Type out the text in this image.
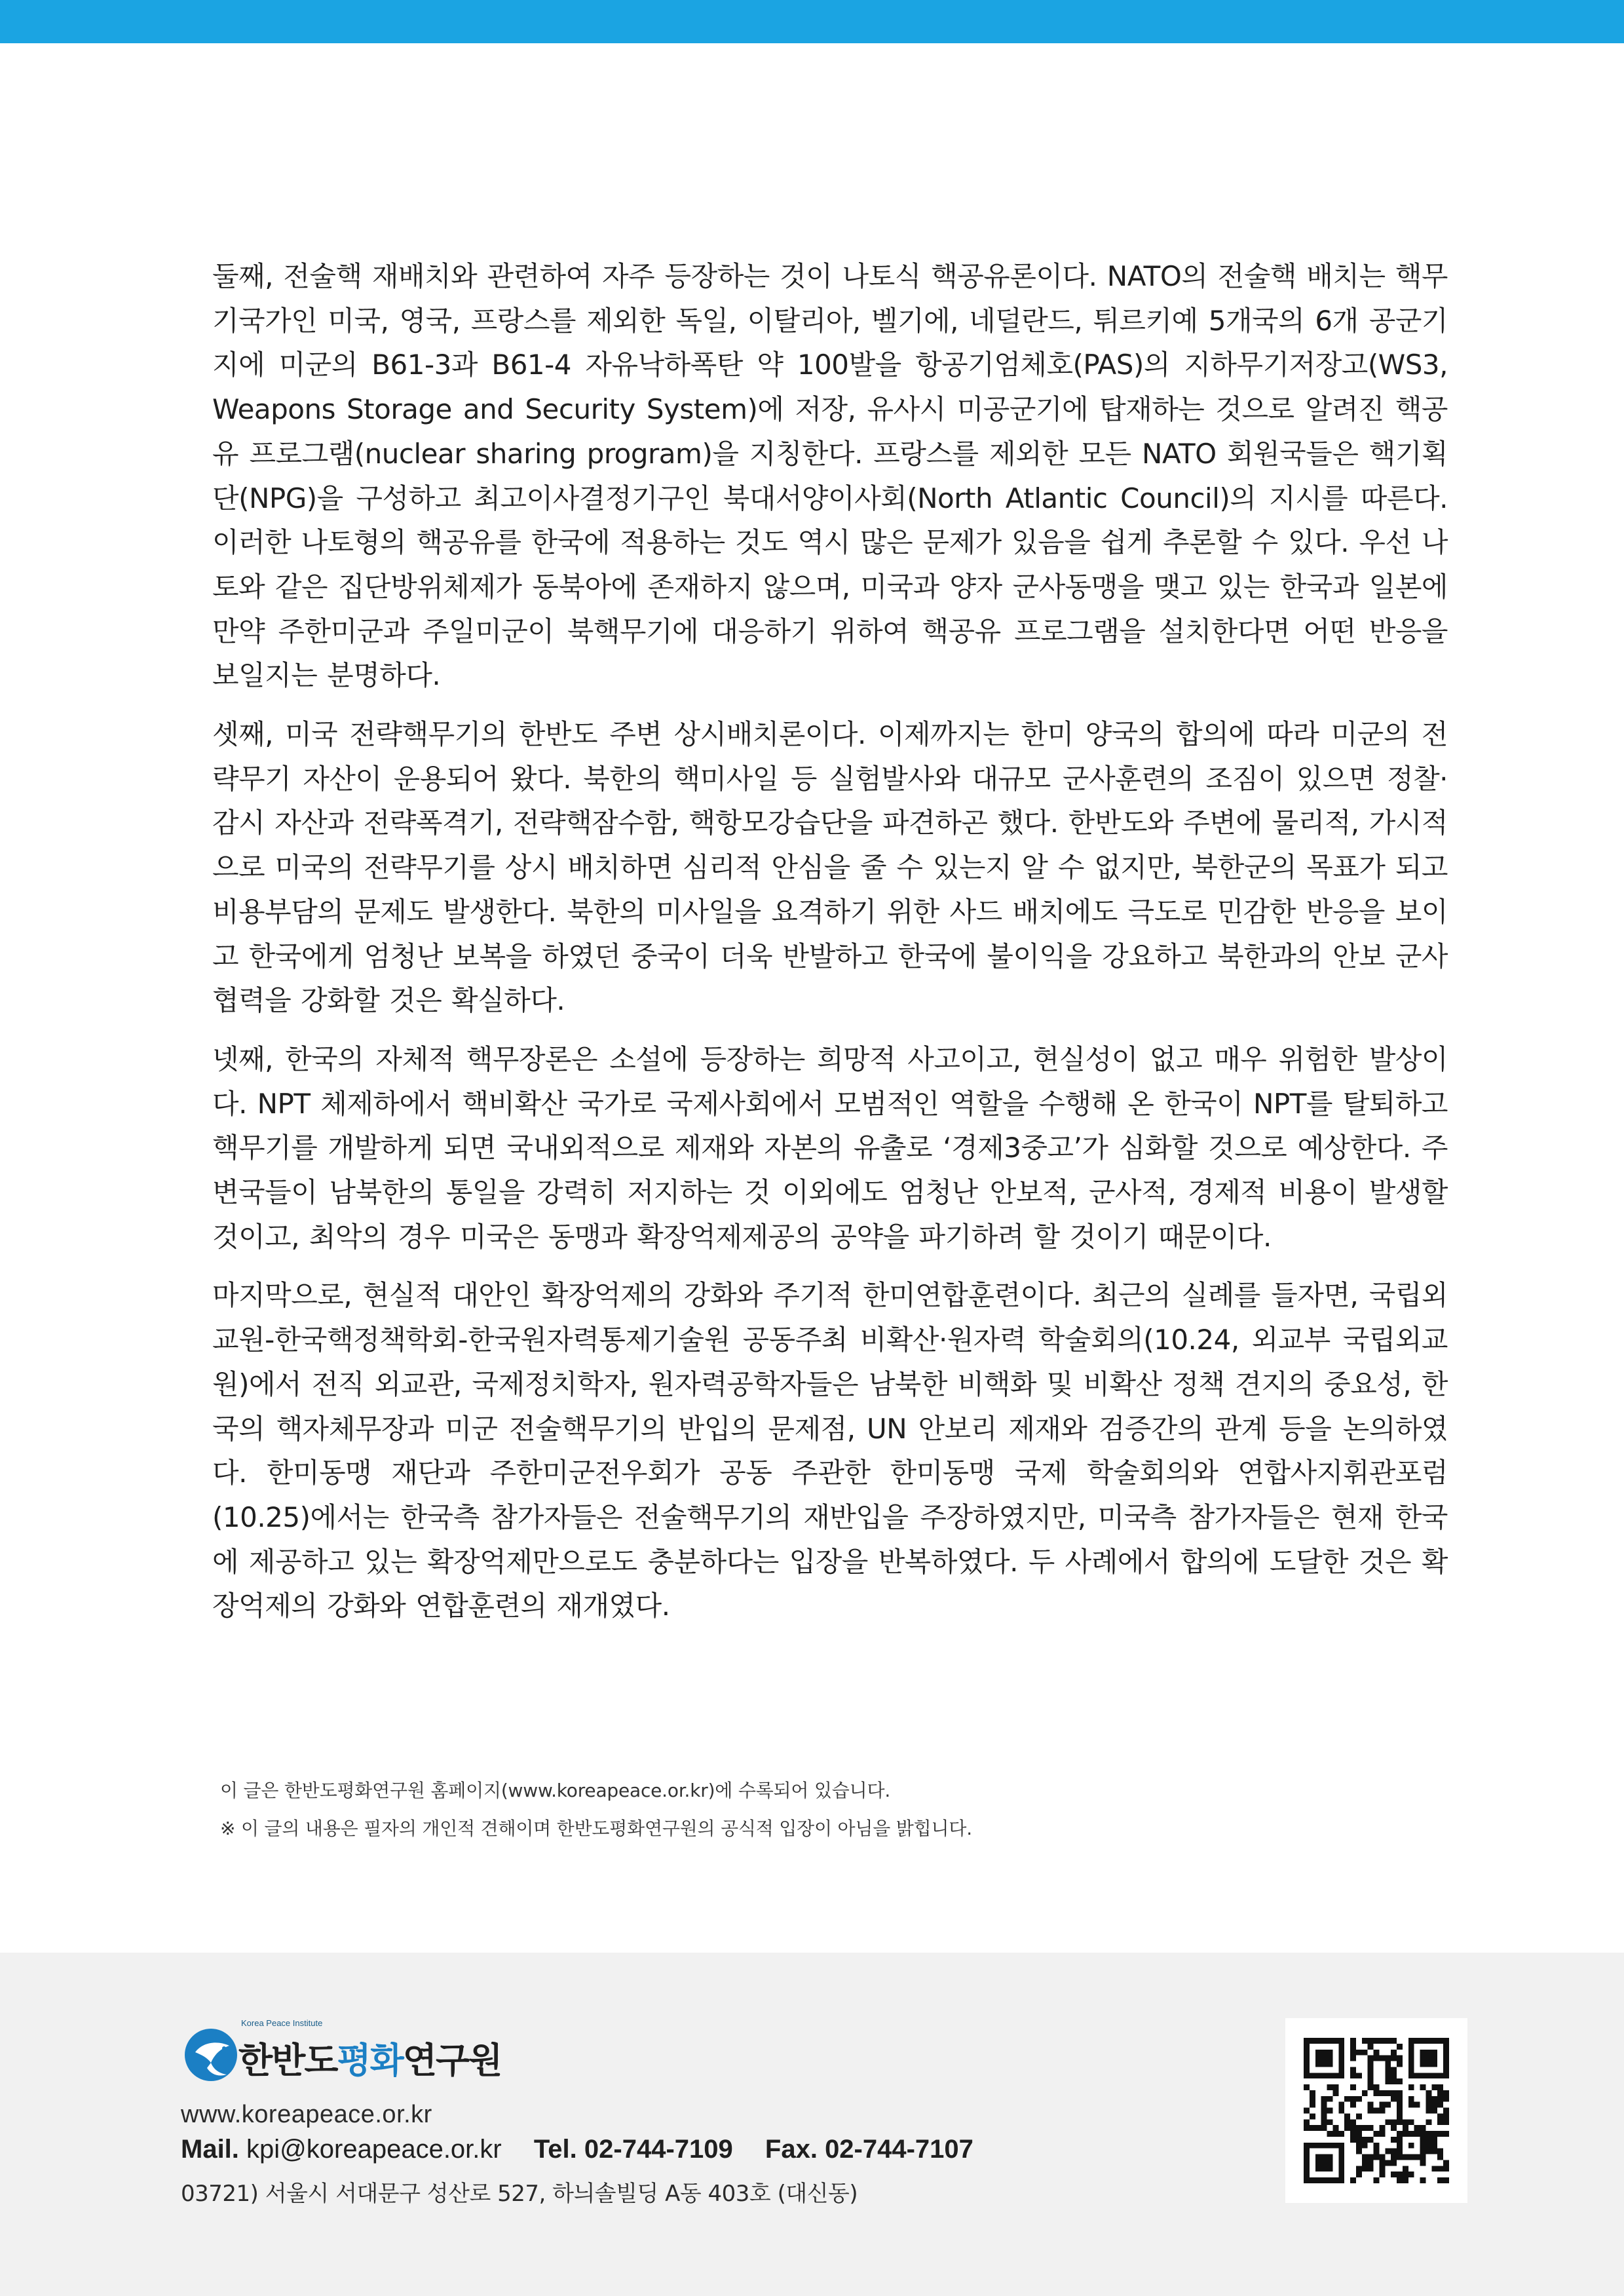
둘째, 전술핵 재배치와 관련하여 자주 등장하는 것이 나토식 핵공유론이다. NATO의 전술핵 배치는 핵무기국가인 미국, 영국, 프랑스를 제외한 독일, 이탈리아, 벨기에, 네덜란드, 튀르키예 5개국의 6개 공군기지에 미군의 B61-3과 B61-4 자유낙하폭탄 약 100발을 항공기엄체호(PAS)의 지하무기저장고(WS3, Weapons Storage and Security System)에 저장, 유사시 미공군기에 탑재하는 것으로 알려진 핵공유 프로그램(nuclear sharing program)을 지칭한다. 프랑스를 제외한 모든 NATO 회원국들은 핵기획단(NPG)을 구성하고 최고이사결정기구인 북대서양이사회(North Atlantic Council)의 지시를 따른다. 이러한 나토형의 핵공유를 한국에 적용하는 것도 역시 많은 문제가 있음을 쉽게 추론할 수 있다. 우선 나토와 같은 집단방위체제가 동북아에 존재하지 않으며, 미국과 양자 군사동맹을 맺고 있는 한국과 일본에 만약 주한미군과 주일미군이 북핵무기에 대응하기 위하여 핵공유 프로그램을 설치한다면 어떤 반응을 보일지는 분명하다.

셋째, 미국 전략핵무기의 한반도 주변 상시배치론이다. 이제까지는 한미 양국의 합의에 따라 미군의 전략무기 자산이 운용되어 왔다. 북한의 핵미사일 등 실험발사와 대규모 군사훈련의 조짐이 있으면 정찰·감시 자산과 전략폭격기, 전략핵잠수함, 핵항모강습단을 파견하곤 했다. 한반도와 주변에 물리적, 가시적으로 미국의 전략무기를 상시 배치하면 심리적 안심을 줄 수 있는지 알 수 없지만, 북한군의 목표가 되고 비용부담의 문제도 발생한다. 북한의 미사일을 요격하기 위한 사드 배치에도 극도로 민감한 반응을 보이고 한국에게 엄청난 보복을 하였던 중국이 더욱 반발하고 한국에 불이익을 강요하고 북한과의 안보 군사협력을 강화할 것은 확실하다.

넷째, 한국의 자체적 핵무장론은 소설에 등장하는 희망적 사고이고, 현실성이 없고 매우 위험한 발상이다. NPT 체제하에서 핵비확산 국가로 국제사회에서 모범적인 역할을 수행해 온 한국이 NPT를 탈퇴하고 핵무기를 개발하게 되면 국내외적으로 제재와 자본의 유출로 ‘경제3중고’가 심화할 것으로 예상한다. 주변국들이 남북한의 통일을 강력히 저지하는 것 이외에도 엄청난 안보적, 군사적, 경제적 비용이 발생할 것이고, 최악의 경우 미국은 동맹과 확장억제제공의 공약을 파기하려 할 것이기 때문이다.

마지막으로, 현실적 대안인 확장억제의 강화와 주기적 한미연합훈련이다. 최근의 실례를 들자면, 국립외교원-한국핵정책학회-한국원자력통제기술원 공동주최 비확산·원자력 학술회의(10.24, 외교부 국립외교원)에서 전직 외교관, 국제정치학자, 원자력공학자들은 남북한 비핵화 및 비확산 정책 견지의 중요성, 한국의 핵자체무장과 미군 전술핵무기의 반입의 문제점, UN 안보리 제재와 검증간의 관계 등을 논의하였다. 한미동맹 재단과 주한미군전우회가 공동 주관한 한미동맹 국제 학술회의와 연합사지휘관포럼(10.25)에서는 한국측 참가자들은 전술핵무기의 재반입을 주장하였지만, 미국측 참가자들은 현재 한국에 제공하고 있는 확장억제만으로도 충분하다는 입장을 반복하였다. 두 사례에서 합의에 도달한 것은 확장억제의 강화와 연합훈련의 재개였다.

이 글은 한반도평화연구원 홈페이지(www.koreapeace.or.kr)에 수록되어 있습니다.
※ 이 글의 내용은 필자의 개인적 견해이며 한반도평화연구원의 공식적 입장이 아님을 밝힙니다.
Korea Peace Institute
한반도평화연구원
www.koreapeace.or.kr
Mail. kpi@koreapeace.or.kr Tel. 02-744-7109 Fax. 02-744-7107
03721) 서울시 서대문구 성산로 527, 하늬솔빌딩 A동 403호 (대신동)
